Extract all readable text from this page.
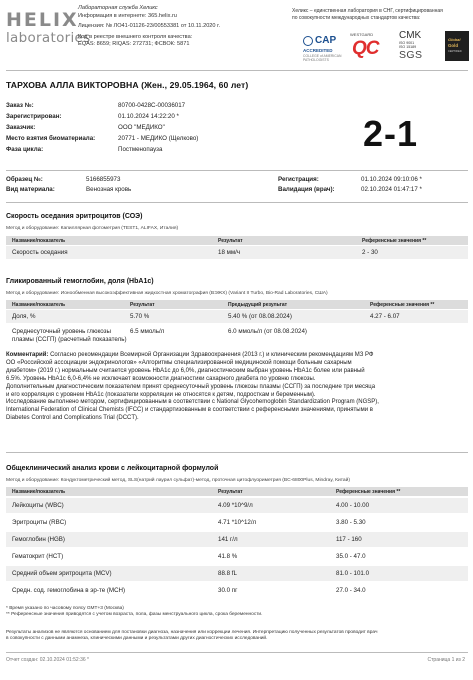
HELIX
laboratories
Лабораторная служба Хеликс
Информация в интернете: 365.helix.ru
Лицензия: № ЛО41-01126-23/00553381 от 10.11.2020 г.
Код в реестре внешнего контроля качества:
EQAS: 8659; RIQAS: 272731; ФСВОК: 5871
Хеликс – единственная лаборатория в СНГ, сертифицированная
по совокупности международных стандартов качества:
CAP
ACCREDITED
COLLEGE of AMERICAN PATHOLOGISTS
WESTGARD
QC
CMK
ISO 9001
ISO 15189
SGS
Global
Gold
CERTIFIED
ТАРХОВА АЛЛА ВИКТОРОВНА (Жен., 29.05.1964, 60 лет)
Заказ №:	80700-0428C-00036017
Зарегистрирован:	01.10.2024 14:22:20 *
Заказчик:	ООО "МЕДИКО"
Место взятия биоматериала:	20771 - МЕДИКО (Щелково)
Фаза цикла:	Постменопауза	2-1
Образец №:	5166855973
Вид материала:	Венозная кровь
Регистрация:	01.10.2024 09:10:06 *
Валидация (врач):	02.10.2024 01:47:17 *
Скорость оседания эритроцитов (СОЭ)
Метод и оборудование: Капиллярная фотометрия (TEST1, ALIFAX, Италия)
Название/показатель	Результат	Референсные значения **
Скорость оседания	18 мм/ч	2 - 30
Гликированный гемоглобин, доля (HbA1c)
Метод и оборудование: Ионообменная высокоэффективная жидкостная хроматография (ВЭЖХ) (Variant II Turbo, Bio-Rad Laboratories, США)
Название/показатель	Результат	Предыдущий результат	Референсные значения **
Доля, %	5.70 %	5.40 % (от 08.08.2024)	4.27 - 6.07
Среднесуточный уровень глюкозы
плазмы (ССГП) (расчетный показатель)
6.5 ммоль/л	6.0 ммоль/л (от 08.08.2024)
Комментарий: Согласно рекомендации Всемирной Организации Здравоохранения (2013 г.) и клиническим рекомендациям МЗ РФ
ОО «Российской ассоциации эндокринологов» «Алгоритмы специализированной медицинской помощи больным сахарным
диабетом» (2019 г.) нормальным считается уровень HbA1c до 6,0%, диагностическим выбран уровень HbA1c более или равный
6.5%. Уровень HbA1c 6,0-6,4% не исключает возможности диагностики сахарного диабета по уровню глюкозы.
Дополнительным диагностическим показателем принят среднесуточный уровень глюкозы плазмы (ССГП) за последние три месяца
и его корреляция с уровнем HbA1c (показатели корреляции не относятся к детям, подросткам и беременным).
Исследование выполнено методом, сертифицированным в соответствии с National Glycohemoglobin Standardization Program (NGSP),
International Federation of Clinical Chemists (IFCC) и стандартизованным в соответствии с референсными значениями, принятыми в
Diabetes Control and Complications Trial (DCCT).
Общеклинический анализ крови с лейкоцитарной формулой
Метод и оборудование: Кондуктометрический метод, SLS(натрий лаурил сульфат)-метод, проточная цитофлуориметрия (BC-6800Plus, Mindray, Китай)
Название/показатель	Результат	Референсные значения **
Лейкоциты (WBC)	4.09 *10^9/л	4.00 - 10.00
Эритроциты (RBC)	4.71 *10^12/л	3.80 - 5.30
Гемоглобин (HGB)	141 г/л	117 - 160
Гематокрит (HCT)	41.8 %	35.0 - 47.0
Средний объем эритроцита (MCV)	88.8 fL	81.0 - 101.0
Средн. сод. гемоглобина в эр-те (MCH)	30.0 пг	27.0 - 34.0
* Время указано по часовому поясу GMT+3 (Москва)
** Референсные значения приводятся с учетом возраста, пола, фазы менструального цикла, срока беременности.
Результаты анализов не являются основанием для постановки диагноза, назначения или коррекции лечения. Интерпретацию полученных результатов проводит врач
в совокупности с данными анамнеза, клиническими данными и результатами других диагностических исследований.
Отчет создан: 02.10.2024 01:52:36 *	Страница 1 из 2
